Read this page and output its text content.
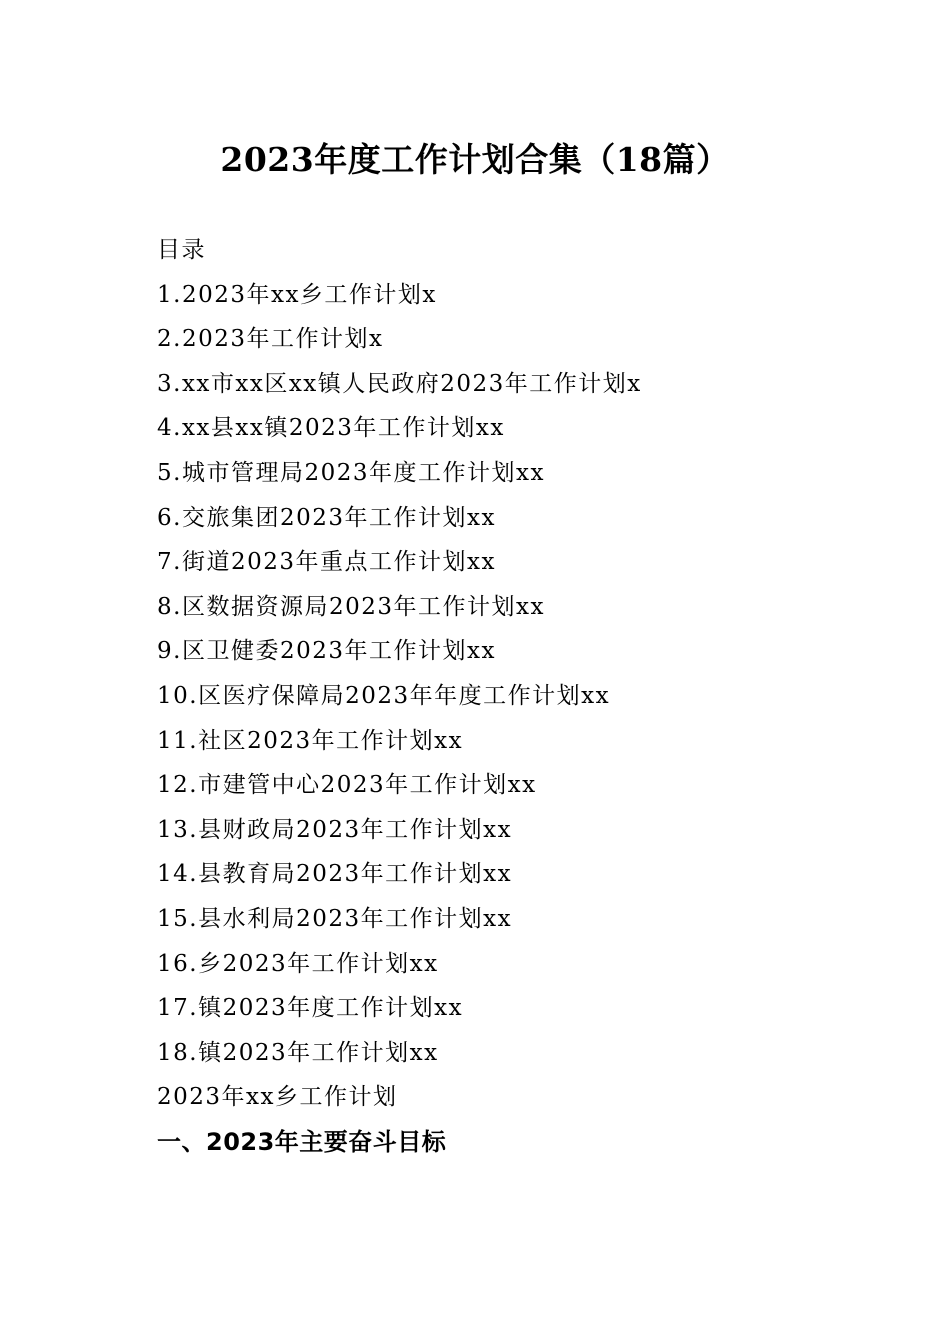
2023年度工作计划合集（18篇）
目录
1.2023年xx乡工作计划x
2.2023年工作计划x
3.xx市xx区xx镇人民政府2023年工作计划x
4.xx县xx镇2023年工作计划xx
5.城市管理局2023年度工作计划xx
6.交旅集团2023年工作计划xx
7.街道2023年重点工作计划xx
8.区数据资源局2023年工作计划xx
9.区卫健委2023年工作计划xx
10.区医疗保障局2023年年度工作计划xx
11.社区2023年工作计划xx
12.市建管中心2023年工作计划xx
13.县财政局2023年工作计划xx
14.县教育局2023年工作计划xx
15.县水利局2023年工作计划xx
16.乡2023年工作计划xx
17.镇2023年度工作计划xx
18.镇2023年工作计划xx
2023年xx乡工作计划
一、2023年主要奋斗目标
